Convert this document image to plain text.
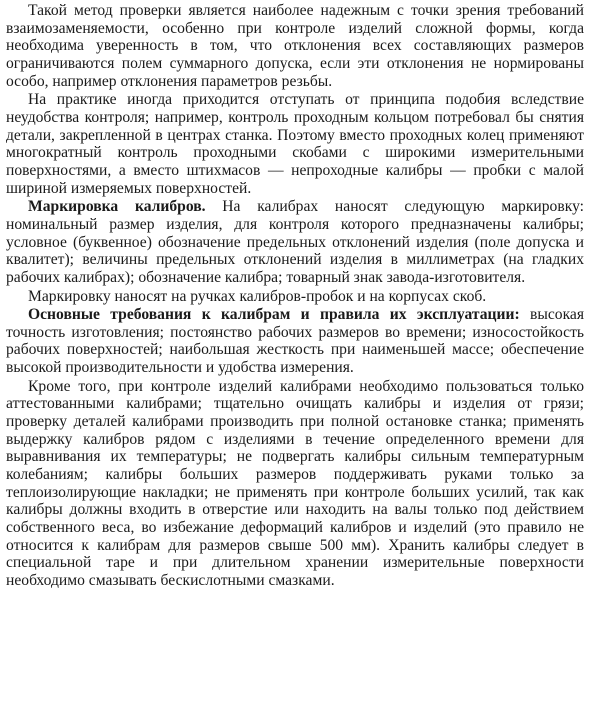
Такой метод проверки является наиболее надежным с точки зрения требований взаимозаменяемости, особенно при контроле изделий сложной формы, когда необходима уверенность в том, что отклонения всех составляющих размеров ограничиваются полем суммарного допуска, если эти отклонения не нормированы особо, например отклонения параметров резьбы.

На практике иногда приходится отступать от принципа подобия вследствие неудобства контроля; например, контроль проходным кольцом потребовал бы снятия детали, закрепленной в центрах станка. Поэтому вместо проходных колец применяют многократный контроль проходными скобами с широкими измерительными поверхностями, а вместо штихмасов — непроходные калибры — пробки с малой шириной измеряемых поверхностей.

Маркировка калибров. На калибрах наносят следующую маркировку: номинальный размер изделия, для контроля которого предназначены калибры; условное (буквенное) обозначение предельных отклонений изделия (поле допуска и квалитет); величины предельных отклонений изделия в миллиметрах (на гладких рабочих калибрах); обозначение калибра; товарный знак завода-изготовителя.

Маркировку наносят на ручках калибров-пробок и на корпусах скоб.

Основные требования к калибрам и правила их эксплуатации: высокая точность изготовления; постоянство рабочих размеров во времени; износостойкость рабочих поверхностей; наибольшая жесткость при наименьшей массе; обеспечение высокой производительности и удобства измерения.

Кроме того, при контроле изделий калибрами необходимо пользоваться только аттестованными калибрами; тщательно очищать калибры и изделия от грязи; проверку деталей калибрами производить при полной остановке станка; применять выдержку калибров рядом с изделиями в течение определенного времени для выравнивания их температуры; не подвергать калибры сильным температурным колебаниям; калибры больших размеров поддерживать руками только за теплоизолирующие накладки; не применять при контроле больших усилий, так как калибры должны входить в отверстие или находить на валы только под действием собственного веса, во избежание деформаций калибров и изделий (это правило не относится к калибрам для размеров свыше 500 мм). Хранить калибры следует в специальной таре и при длительном хранении измерительные поверхности необходимо смазывать бескислотными смазками.
